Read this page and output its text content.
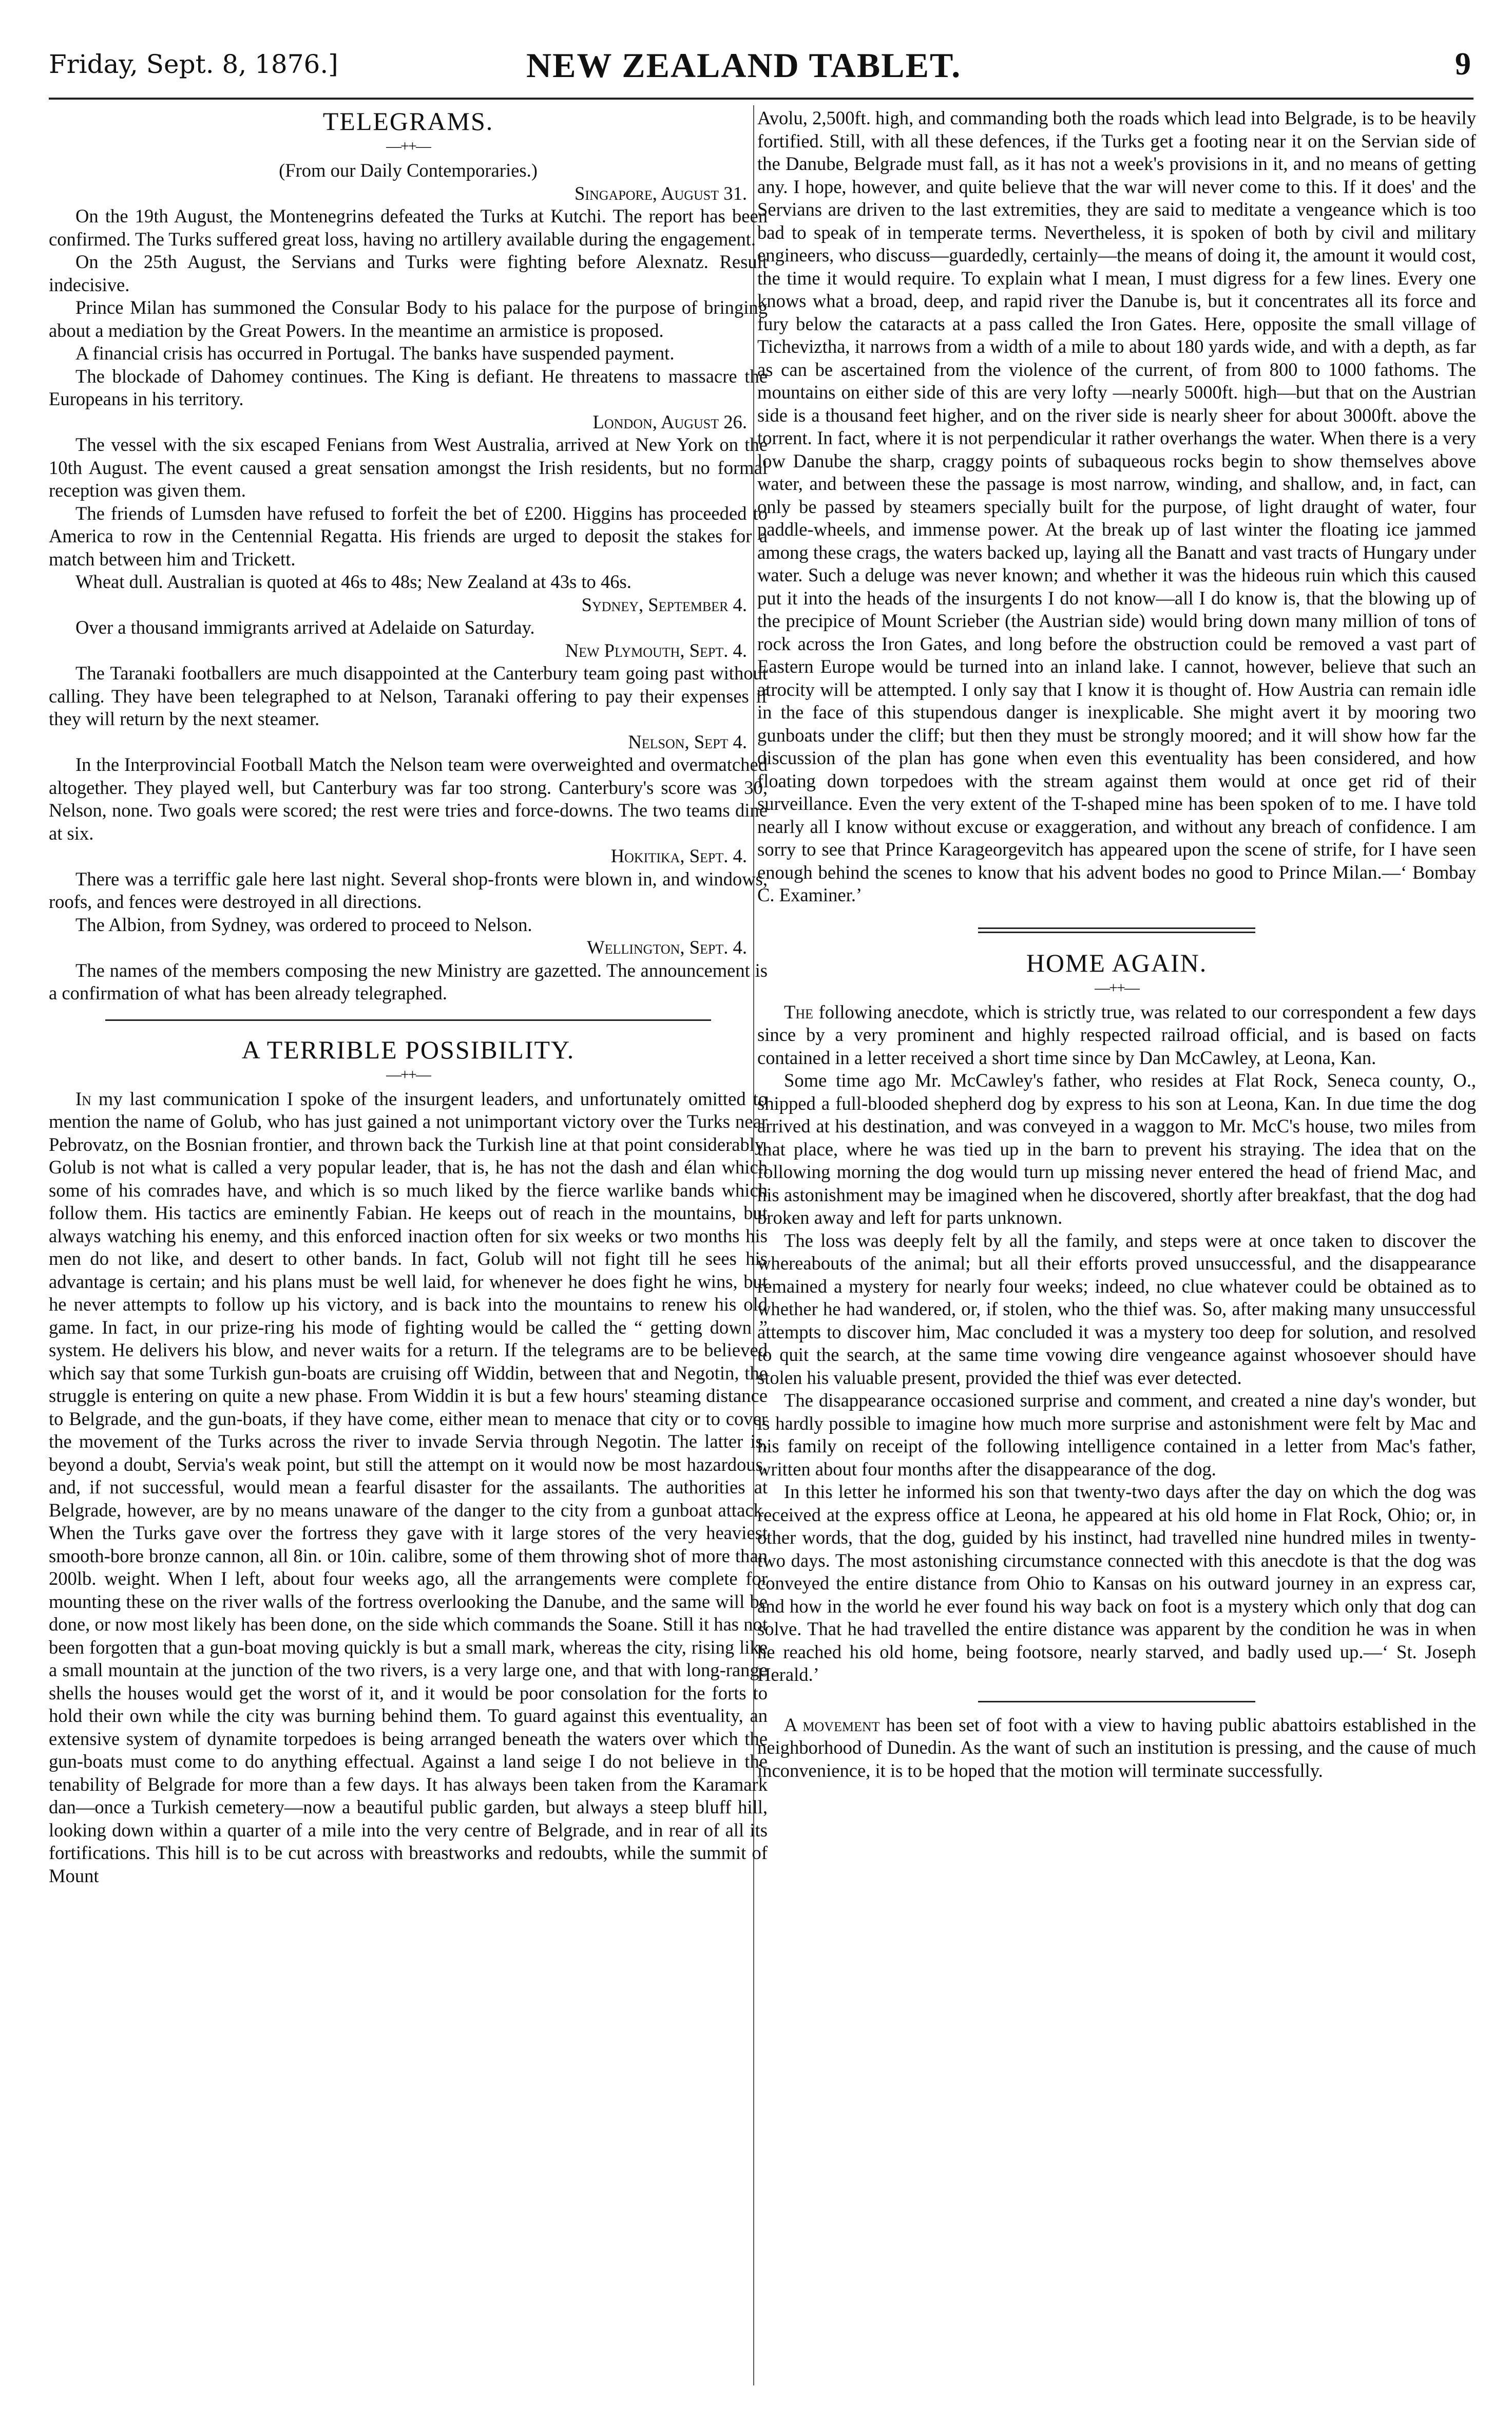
Friday, Sept. 8, 1876.]	NEW ZEALAND TABLET.	9
TELEGRAMS.
—++—

(From our Daily Contemporaries.)

Singapore, August 31.

On the 19th August, the Montenegrins defeated the Turks at Kutchi. The report has been confirmed. The Turks suffered great loss, having no artillery available during the engagement.

On the 25th August, the Servians and Turks were fighting before Alexnatz. Result indecisive.

Prince Milan has summoned the Consular Body to his palace for the purpose of bringing about a mediation by the Great Powers. In the meantime an armistice is proposed.

A financial crisis has occurred in Portugal. The banks have suspended payment.

The blockade of Dahomey continues. The King is defiant. He threatens to massacre the Europeans in his territory.

London, August 26.

The vessel with the six escaped Fenians from West Australia, arrived at New York on the 10th August. The event caused a great sensation amongst the Irish residents, but no formal reception was given them.

The friends of Lumsden have refused to forfeit the bet of £200. Higgins has proceeded to America to row in the Centennial Regatta. His friends are urged to deposit the stakes for a match between him and Trickett.

Wheat dull. Australian is quoted at 46s to 48s; New Zealand at 43s to 46s.

Sydney, September 4.

Over a thousand immigrants arrived at Adelaide on Saturday.

New Plymouth, Sept. 4.

The Taranaki footballers are much disappointed at the Canterbury team going past without calling. They have been telegraphed to at Nelson, Taranaki offering to pay their expenses if they will return by the next steamer.

Nelson, Sept 4.

In the Interprovincial Football Match the Nelson team were overweighted and overmatched altogether. They played well, but Canterbury was far too strong. Canterbury's score was 30, Nelson, none. Two goals were scored; the rest were tries and force-downs. The two teams dine at six.

Hokitika, Sept. 4.

There was a terriffic gale here last night. Several shop-fronts were blown in, and windows, roofs, and fences were destroyed in all directions.

The Albion, from Sydney, was ordered to proceed to Nelson.

Wellington, Sept. 4.

The names of the members composing the new Ministry are gazetted. The announcement is a confirmation of what has been already telegraphed.

A TERRIBLE POSSIBILITY.
—++—

In my last communication I spoke of the insurgent leaders, and unfortunately omitted to mention the name of Golub, who has just gained a not unimportant victory over the Turks near Pebrovatz, on the Bosnian frontier, and thrown back the Turkish line at that point considerably. Golub is not what is called a very popular leader, that is, he has not the dash and élan which some of his comrades have, and which is so much liked by the fierce warlike bands which follow them. His tactics are eminently Fabian. He keeps out of reach in the mountains, but always watching his enemy, and this enforced inaction often for six weeks or two months his men do not like, and desert to other bands. In fact, Golub will not fight till he sees his advantage is certain; and his plans must be well laid, for whenever he does fight he wins, but he never attempts to follow up his victory, and is back into the mountains to renew his old game. In fact, in our prize-ring his mode of fighting would be called the “ getting down ” system. He delivers his blow, and never waits for a return. If the telegrams are to be believed which say that some Turkish gun-boats are cruising off Widdin, between that and Negotin, the struggle is entering on quite a new phase. From Widdin it is but a few hours' steaming distance to Belgrade, and the gun-boats, if they have come, either mean to menace that city or to cover the movement of the Turks across the river to invade Servia through Negotin. The latter is, beyond a doubt, Servia's weak point, but still the attempt on it would now be most hazardous, and, if not successful, would mean a fearful disaster for the assailants. The authorities at Belgrade, however, are by no means unaware of the danger to the city from a gunboat attack. When the Turks gave over the fortress they gave with it large stores of the very heaviest smooth-bore bronze cannon, all 8in. or 10in. calibre, some of them throwing shot of more than 200lb. weight. When I left, about four weeks ago, all the arrangements were complete for mounting these on the river walls of the fortress overlooking the Danube, and the same will be done, or now most likely has been done, on the side which commands the Soane. Still it has not been forgotten that a gun-boat moving quickly is but a small mark, whereas the city, rising like a small mountain at the junction of the two rivers, is a very large one, and that with long-range shells the houses would get the worst of it, and it would be poor consolation for the forts to hold their own while the city was burning behind them. To guard against this eventuality, an extensive system of dynamite torpedoes is being arranged beneath the waters over which the gun-boats must come to do anything effectual. Against a land seige I do not believe in the tenability of Belgrade for more than a few days. It has always been taken from the Karamark dan—once a Turkish cemetery—now a beautiful public garden, but always a steep bluff hill, looking down within a quarter of a mile into the very centre of Belgrade, and in rear of all its fortifications. This hill is to be cut across with breastworks and redoubts, while the summit of Mount

Avolu, 2,500ft. high, and commanding both the roads which lead into Belgrade, is to be heavily fortified. Still, with all these defences, if the Turks get a footing near it on the Servian side of the Danube, Belgrade must fall, as it has not a week's provisions in it, and no means of getting any. I hope, however, and quite believe that the war will never come to this. If it does' and the Servians are driven to the last extremities, they are said to meditate a vengeance which is too bad to speak of in temperate terms. Nevertheless, it is spoken of both by civil and military engineers, who discuss—guardedly, certainly—the means of doing it, the amount it would cost, the time it would require. To explain what I mean, I must digress for a few lines. Every one knows what a broad, deep, and rapid river the Danube is, but it concentrates all its force and fury below the cataracts at a pass called the Iron Gates. Here, opposite the small village of Ticheviztha, it narrows from a width of a mile to about 180 yards wide, and with a depth, as far as can be ascertained from the violence of the current, of from 800 to 1000 fathoms. The mountains on either side of this are very lofty —nearly 5000ft. high—but that on the Austrian side is a thousand feet higher, and on the river side is nearly sheer for about 3000ft. above the torrent. In fact, where it is not perpendicular it rather overhangs the water. When there is a very low Danube the sharp, craggy points of subaqueous rocks begin to show themselves above water, and between these the passage is most narrow, winding, and shallow, and, in fact, can only be passed by steamers specially built for the purpose, of light draught of water, four paddle-wheels, and immense power. At the break up of last winter the floating ice jammed among these crags, the waters backed up, laying all the Banatt and vast tracts of Hungary under water. Such a deluge was never known; and whether it was the hideous ruin which this caused put it into the heads of the insurgents I do not know—all I do know is, that the blowing up of the precipice of Mount Scrieber (the Austrian side) would bring down many million of tons of rock across the Iron Gates, and long before the obstruction could be removed a vast part of Eastern Europe would be turned into an inland lake. I cannot, however, believe that such an atrocity will be attempted. I only say that I know it is thought of. How Austria can remain idle in the face of this stupendous danger is inexplicable. She might avert it by mooring two gunboats under the cliff; but then they must be strongly moored; and it will show how far the discussion of the plan has gone when even this eventuality has been considered, and how floating down torpedoes with the stream against them would at once get rid of their surveillance. Even the very extent of the T-shaped mine has been spoken of to me. I have told nearly all I know without excuse or exaggeration, and without any breach of confidence. I am sorry to see that Prince Karageorgevitch has appeared upon the scene of strife, for I have seen enough behind the scenes to know that his advent bodes no good to Prince Milan.—‘ Bombay C. Examiner.’

HOME AGAIN.
—++—

The following anecdote, which is strictly true, was related to our correspondent a few days since by a very prominent and highly respected railroad official, and is based on facts contained in a letter received a short time since by Dan McCawley, at Leona, Kan.

Some time ago Mr. McCawley's father, who resides at Flat Rock, Seneca county, O., shipped a full-blooded shepherd dog by express to his son at Leona, Kan. In due time the dog arrived at his destination, and was conveyed in a waggon to Mr. McC's house, two miles from that place, where he was tied up in the barn to prevent his straying. The idea that on the following morning the dog would turn up missing never entered the head of friend Mac, and his astonishment may be imagined when he discovered, shortly after breakfast, that the dog had broken away and left for parts unknown.

The loss was deeply felt by all the family, and steps were at once taken to discover the whereabouts of the animal; but all their efforts proved unsuccessful, and the disappearance remained a mystery for nearly four weeks; indeed, no clue whatever could be obtained as to whether he had wandered, or, if stolen, who the thief was. So, after making many unsuccessful attempts to discover him, Mac concluded it was a mystery too deep for solution, and resolved to quit the search, at the same time vowing dire vengeance against whosoever should have stolen his valuable present, provided the thief was ever detected.

The disappearance occasioned surprise and comment, and created a nine day's wonder, but is hardly possible to imagine how much more surprise and astonishment were felt by Mac and his family on receipt of the following intelligence contained in a letter from Mac's father, written about four months after the disappearance of the dog.

In this letter he informed his son that twenty-two days after the day on which the dog was received at the express office at Leona, he appeared at his old home in Flat Rock, Ohio; or, in other words, that the dog, guided by his instinct, had travelled nine hundred miles in twenty-two days. The most astonishing circumstance connected with this anecdote is that the dog was conveyed the entire distance from Ohio to Kansas on his outward journey in an express car, and how in the world he ever found his way back on foot is a mystery which only that dog can solve. That he had travelled the entire distance was apparent by the condition he was in when he reached his old home, being footsore, nearly starved, and badly used up.—‘ St. Joseph Herald.’

A movement has been set of foot with a view to having public abattoirs established in the neighborhood of Dunedin. As the want of such an institution is pressing, and the cause of much inconvenience, it is to be hoped that the motion will terminate successfully.
